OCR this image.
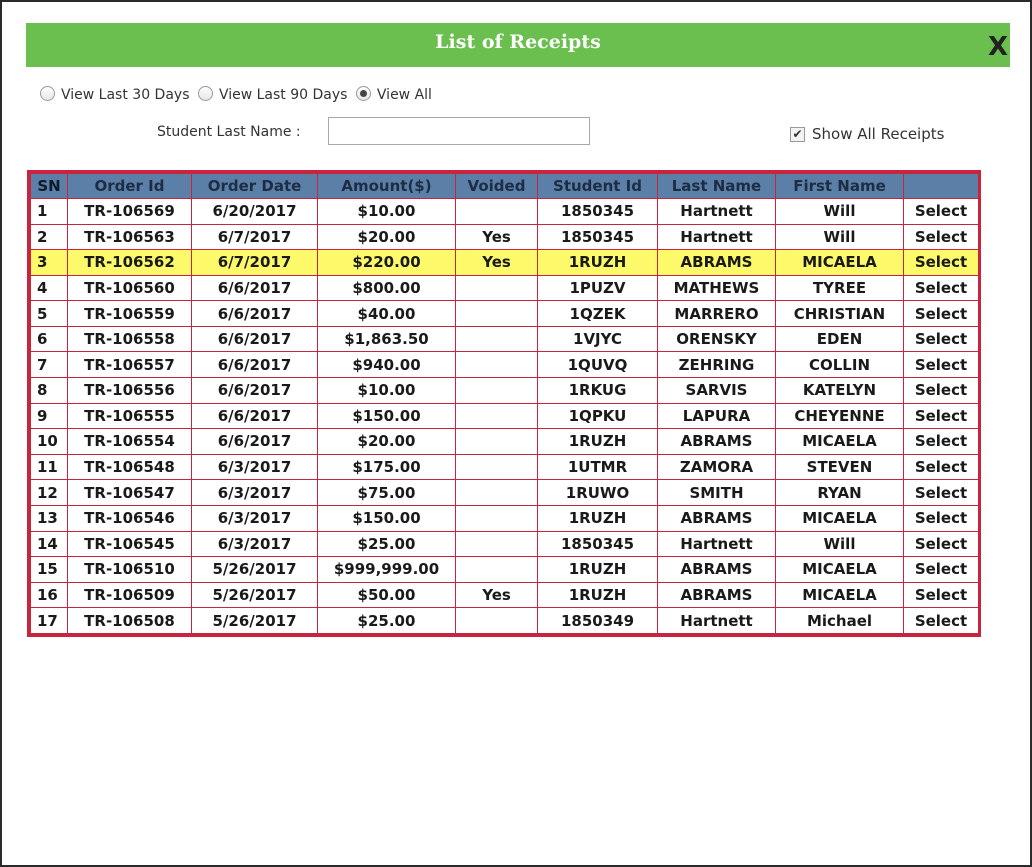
List of Receipts	X
View Last 30 Days View Last 90 Days View All
Student Last Name :	✔ Show All Receipts
SN	Order Id	Order Date	Amount($)	Voided	Student Id	Last Name	First Name	
1	TR-106569	6/20/2017	$10.00		1850345	Hartnett	Will	Select
2	TR-106563	6/7/2017	$20.00	Yes	1850345	Hartnett	Will	Select
3	TR-106562	6/7/2017	$220.00	Yes	1RUZH	ABRAMS	MICAELA	Select
4	TR-106560	6/6/2017	$800.00		1PUZV	MATHEWS	TYREE	Select
5	TR-106559	6/6/2017	$40.00		1QZEK	MARRERO	CHRISTIAN	Select
6	TR-106558	6/6/2017	$1,863.50		1VJYC	ORENSKY	EDEN	Select
7	TR-106557	6/6/2017	$940.00		1QUVQ	ZEHRING	COLLIN	Select
8	TR-106556	6/6/2017	$10.00		1RKUG	SARVIS	KATELYN	Select
9	TR-106555	6/6/2017	$150.00		1QPKU	LAPURA	CHEYENNE	Select
10	TR-106554	6/6/2017	$20.00		1RUZH	ABRAMS	MICAELA	Select
11	TR-106548	6/3/2017	$175.00		1UTMR	ZAMORA	STEVEN	Select
12	TR-106547	6/3/2017	$75.00		1RUWO	SMITH	RYAN	Select
13	TR-106546	6/3/2017	$150.00		1RUZH	ABRAMS	MICAELA	Select
14	TR-106545	6/3/2017	$25.00		1850345	Hartnett	Will	Select
15	TR-106510	5/26/2017	$999,999.00		1RUZH	ABRAMS	MICAELA	Select
16	TR-106509	5/26/2017	$50.00	Yes	1RUZH	ABRAMS	MICAELA	Select
17	TR-106508	5/26/2017	$25.00		1850349	Hartnett	Michael	Select
